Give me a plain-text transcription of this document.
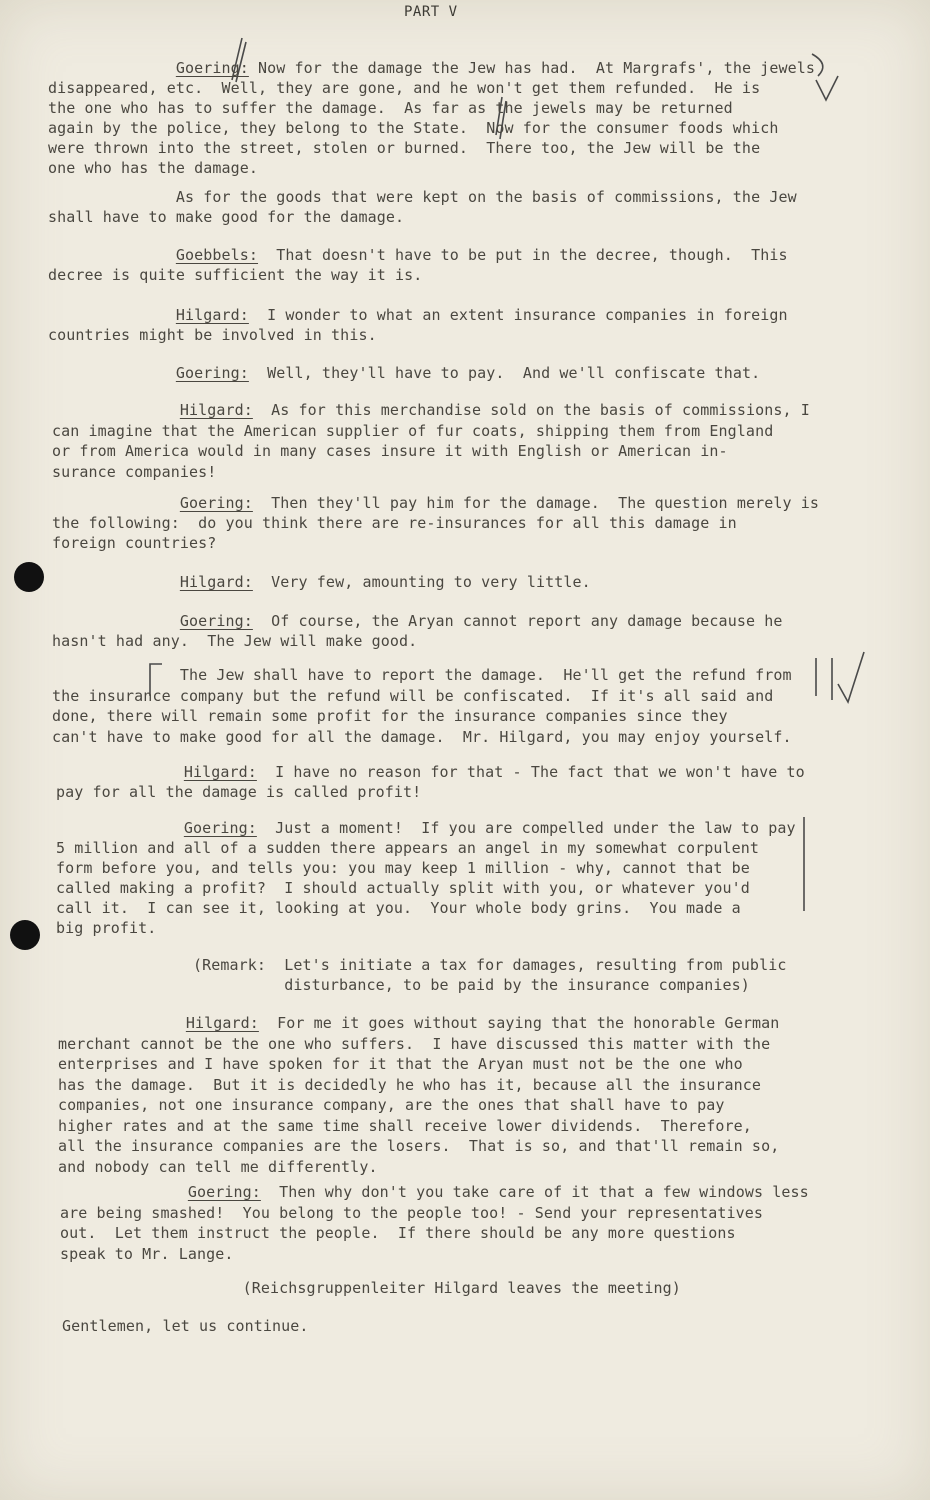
PART V
Goering: Now for the damage the Jew has had.  At Margrafs', the jewels
disappeared, etc.  Well, they are gone, and he won't get them refunded.  He is
the one who has to suffer the damage.  As far as the jewels may be returned
again by the police, they belong to the State.  Now for the consumer foods which
were thrown into the street, stolen or burned.  There too, the Jew will be the
one who has the damage.
As for the goods that were kept on the basis of commissions, the Jew
shall have to make good for the damage.
Goebbels:  That doesn't have to be put in the decree, though.  This
decree is quite sufficient the way it is.
Hilgard:  I wonder to what an extent insurance companies in foreign
countries might be involved in this.
Goering:  Well, they'll have to pay.  And we'll confiscate that.
Hilgard:  As for this merchandise sold on the basis of commissions, I
can imagine that the American supplier of fur coats, shipping them from England
or from America would in many cases insure it with English or American in-
surance companies!
Goering:  Then they'll pay him for the damage.  The question merely is
the following:  do you think there are re-insurances for all this damage in
foreign countries?
Hilgard:  Very few, amounting to very little.
Goering:  Of course, the Aryan cannot report any damage because he
hasn't had any.  The Jew will make good.
The Jew shall have to report the damage.  He'll get the refund from
the insurance company but the refund will be confiscated.  If it's all said and
done, there will remain some profit for the insurance companies since they
can't have to make good for all the damage.  Mr. Hilgard, you may enjoy yourself.
Hilgard:  I have no reason for that - The fact that we won't have to
pay for all the damage is called profit!
Goering:  Just a moment!  If you are compelled under the law to pay
5 million and all of a sudden there appears an angel in my somewhat corpulent
form before you, and tells you: you may keep 1 million - why, cannot that be
called making a profit?  I should actually split with you, or whatever you'd
call it.  I can see it, looking at you.  Your whole body grins.  You made a
big profit.
(Remark:  Let's initiate a tax for damages, resulting from public
disturbance, to be paid by the insurance companies)
Hilgard:  For me it goes without saying that the honorable German
merchant cannot be the one who suffers.  I have discussed this matter with the
enterprises and I have spoken for it that the Aryan must not be the one who
has the damage.  But it is decidedly he who has it, because all the insurance
companies, not one insurance company, are the ones that shall have to pay
higher rates and at the same time shall receive lower dividends.  Therefore,
all the insurance companies are the losers.  That is so, and that'll remain so,
and nobody can tell me differently.
Goering:  Then why don't you take care of it that a few windows less
are being smashed!  You belong to the people too! - Send your representatives
out.  Let them instruct the people.  If there should be any more questions
speak to Mr. Lange.
(Reichsgruppenleiter Hilgard leaves the meeting)
Gentlemen, let us continue.
